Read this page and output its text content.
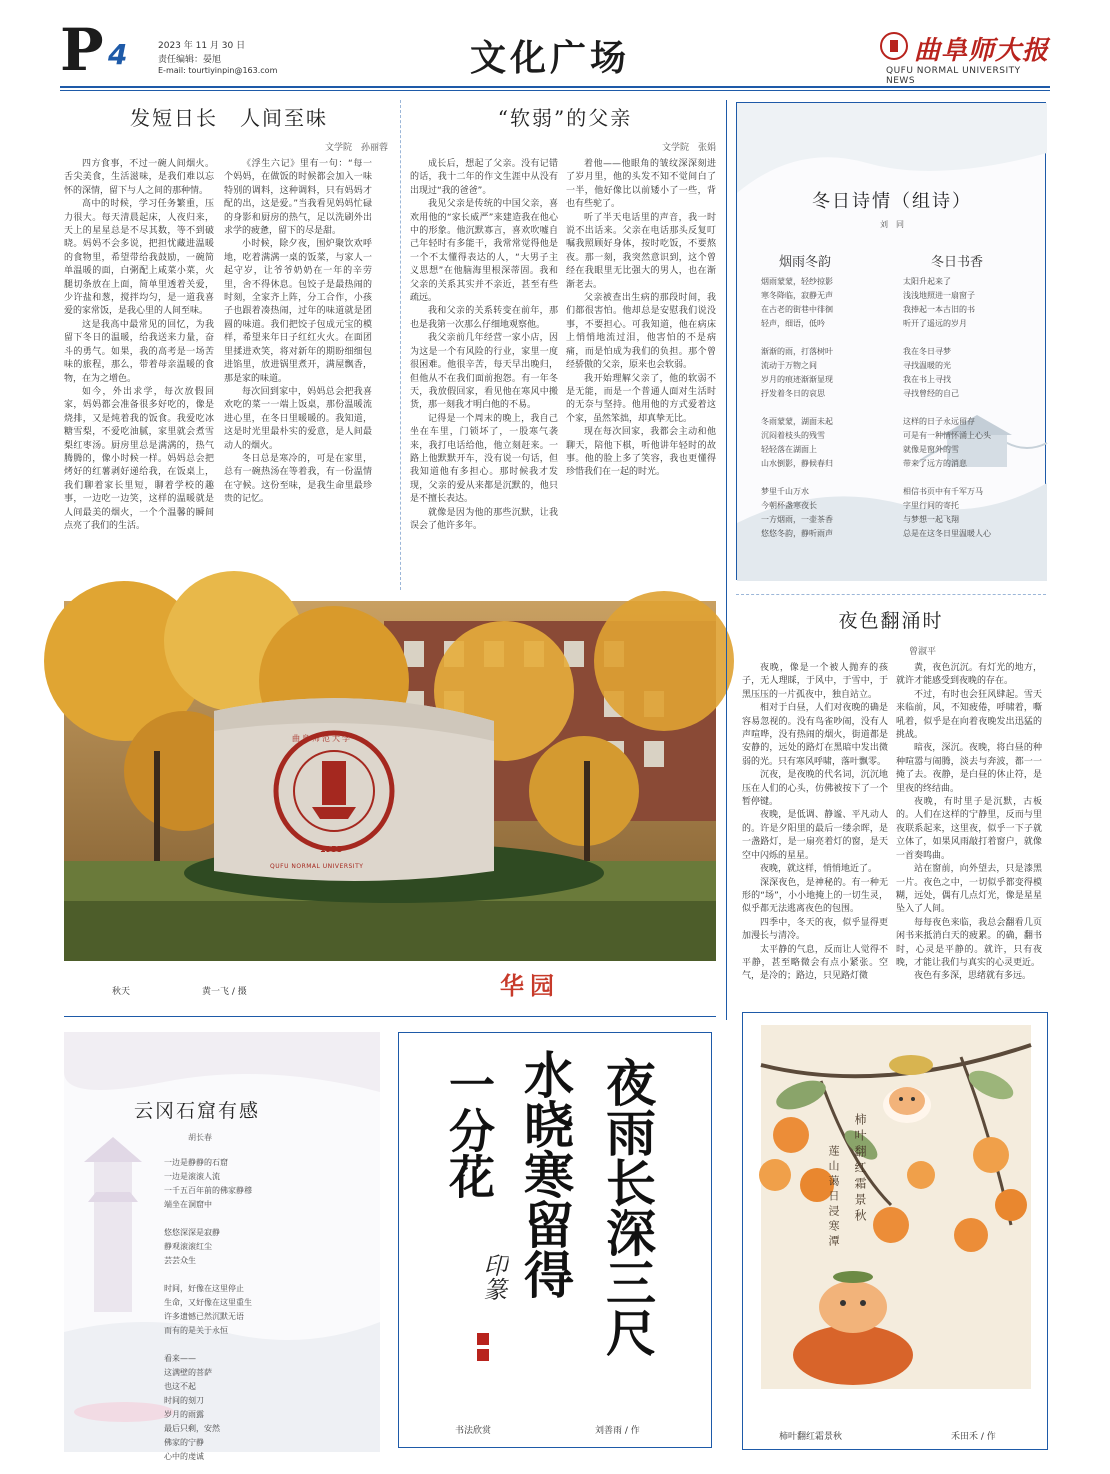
P 4	2023 年 11 月 30 日
责任编辑：晏旭
E-mail: tourtiyinpin@163.com	文化广场	曲阜师大报
QUFU NORMAL UNIVERSITY NEWS
发短日长　人间至味
文学院　孙丽蓉

四方食事，不过一碗人间烟火。舌尖美食，生活滋味，是我们难以忘怀的深情，留下与人之间的那种情。

高中的时候，学习任务繁重，压力很大。每天清晨起床，人夜归来，天上的星星总是不尽其数，等不到破晓。妈妈不会多说，把担忧藏进温暖的食物里，希望带给我鼓励，一碗简单温暖的面，白粥配上咸菜小菜，火腿切条放在上面，简单里透着关爱，少许盐和葱，搅拌均匀，是一道我喜爱的家常饭，是我心里的人间至味。

这是我高中最常见的回忆，为我留下冬日的温暖，给我送来力量，奋斗的勇气。如果，我的高考是一场苦味的旅程，那么，带着母亲温暖的食物，在为之增色。

如今，外出求学，每次放假回家，妈妈都会准备很多好吃的，像是烧排，又是炖着我的饭食。我爱吃冰糖雪梨，不爱吃油腻，家里就会煮雪梨红枣汤。厨房里总是满满的，热气腾腾的，像小时候一样。妈妈总会把烤好的红薯剥好递给我，在饭桌上，我们聊着家长里短，聊着学校的趣事，一边吃一边笑，这样的温暖就是人间最美的烟火，一个个温馨的瞬间点亮了我们的生活。

《浮生六记》里有一句：“每一个妈妈，在做饭的时候都会加入一味特别的调料，这种调料，只有妈妈才配的出，这是爱。”当我看见妈妈忙碌的身影和厨房的热气，足以洗刷外出求学的疲惫，留下的尽是甜。

小时候，除夕夜，围炉聚饮欢呼地，吃着满满一桌的饭菜，与家人一起守岁，让爷爷奶奶在一年的辛劳里，舍不得休息。包饺子是最热闹的时刻，全家齐上阵，分工合作，小孩子也跟着凑热闹，过年的味道就是团圆的味道。我们把饺子包成元宝的模样，希望来年日子红红火火。在面团里揉进欢笑，将对新年的期盼细细包进馅里，放进锅里煮开，满屋飘香，那是家的味道。

每次回到家中，妈妈总会把我喜欢吃的菜一一端上饭桌，那份温暖流进心里，在冬日里暖暖的。我知道，这是时光里最朴实的爱意，是人间最动人的烟火。

冬日总是寒冷的，可是在家里，总有一碗热汤在等着我，有一份温情在守候。这份至味，是我生命里最珍贵的记忆。

“软弱”的父亲
文学院　张娟

成长后，想起了父亲。没有记错的话，我十二年的作文生涯中从没有出现过“我的爸爸”。

我见父亲是传统的中国父亲，喜欢用他的“家长威严”来建造我在他心中的形象。他沉默寡言，喜欢吹嘘自己年轻时有多能干，我常常觉得他是一个不太懂得表达的人，“大男子主义思想”在他脑海里根深蒂固。我和父亲的关系其实并不亲近，甚至有些疏远。

我和父亲的关系转变在前年，那也是我第一次那么仔细地观察他。

我父亲前几年经营一家小店，因为这是一个有风险的行业，家里一度很困难。他很辛苦，每天早出晚归，但他从不在我们面前抱怨。有一年冬天，我放假回家，看见他在寒风中搬货，那一刻我才明白他的不易。

记得是一个周末的晚上，我自己坐在车里，门锁坏了，一股寒气袭来，我打电话给他，他立刻赶来。一路上他默默开车，没有说一句话，但我知道他有多担心。那时候我才发现，父亲的爱从来都是沉默的，他只是不擅长表达。

就像是因为他的那些沉默，让我误会了他许多年。

着他——他眼角的皱纹深深刻进了岁月里，他的头发不知不觉间白了一半，他好像比以前矮小了一些，背也有些驼了。

听了半天电话里的声音，我一时说不出话来。父亲在电话那头反复叮嘱我照顾好身体，按时吃饭，不要熬夜。那一刻，我突然意识到，这个曾经在我眼里无比强大的男人，也在渐渐老去。

父亲被查出生病的那段时间，我们都很害怕。他却总是安慰我们说没事，不要担心。可我知道，他在病床上悄悄地流过泪，他害怕的不是病痛，而是怕成为我们的负担。那个曾经骄傲的父亲，原来也会软弱。

我开始理解父亲了，他的软弱不是无能，而是一个普通人面对生活时的无奈与坚持。他用他的方式爱着这个家，虽然笨拙，却真挚无比。

现在每次回家，我都会主动和他聊天，陪他下棋，听他讲年轻时的故事。他的脸上多了笑容，我也更懂得珍惜我们在一起的时光。

冬日诗情（组诗）
刘　同
烟雨冬韵	冬日书香
烟雨蒙蒙，轻纱掠影
寒冬降临，寂静无声
在古老的街巷中徘徊
轻声，细语，低吟

渐渐的雨，打落树叶
流动于万物之间
岁月的痕迹渐渐显现
抒发着冬日的哀思

冬雨蒙蒙，湖面未起
沉闷着枝头的残雪
轻轻落在湖面上
山水倒影，静候春归

梦里千山万水
今朝杯盏寒夜长
一方烟雨，一壶茶香
悠悠冬韵，静听雨声
太阳升起来了
浅浅地照进一扇窗子
我捧起一本古旧的书
听开了遥远的岁月

我在冬日寻梦
寻找温暖的光
我在书上寻找
寻找曾经的自己

这样的日子永远留存
可是有一种情怀涌上心头
就像是窗外的雪
带来了远方的消息

相信书页中有千军万马
字里行间的寄托
与梦想一起飞翔
总是在这冬日里温暖人心
1955
曲阜师范大学
QUFU NORMAL UNIVERSITY
秋天	黄一飞 / 摄	华园
夜色翻涌时
曾淑平

夜晚，像是一个被人抛弃的孩子，无人理睬，于风中，于雪中，于黑压压的一片孤夜中，独自站立。

相对于白昼，人们对夜晚的确是容易忽视的。没有鸟雀吵闹，没有人声喧哗，没有热闹的烟火，街道都是安静的，远处的路灯在黑暗中发出微弱的光。只有寒风呼啸，落叶飘零。

沉夜，是夜晚的代名词，沉沉地压在人们的心头，仿佛被按下了一个暂停键。

夜晚，是低调、静谧、平凡动人的。许是夕阳里的最后一缕余晖，是一盏路灯，是一扇亮着灯的窗，是天空中闪烁的星星。

夜晚，就这样，悄悄地近了。

深深夜色，是神秘的。有一种无形的“场”，小小地掩上的一切生灵，似乎都无法逃离夜色的包围。

四季中，冬天的夜，似乎显得更加漫长与清冷。

太平静的气息，反而让人觉得不平静，甚至略微会有点小紧张。空气，是冷的；路边，只见路灯微

黄，夜色沉沉。有灯光的地方，就许才能感受到夜晚的存在。

不过，有时也会狂风肆起。雪天来临前，风，不知疲倦，呼啸着，嘶吼着，似乎是在向着夜晚发出迅猛的挑战。

暗夜，深沉。夜晚，将白昼的种种喧嚣与闹腾，淡去与奔波，都一一掩了去。夜静，是白昼的休止符，是里夜的终结曲。

夜晚，有时里子是沉默，古板的。人们在这样的宁静里，反而与里夜联系起来，这里夜，似乎一下子就立体了，如果风雨敲打着窗户，就像一首奏鸣曲。

站在窗前，向外望去，只是漆黑一片。夜色之中，一切似乎都变得模糊，远处，偶有几点灯光，像是星星坠入了人间。

每每夜色来临，我总会翻看几页闲书来抵消白天的疲累。的确，翻书时，心灵是平静的。就许，只有夜晚，才能让我们与真实的心灵更近。

夜色有多深，思绪就有多远。

云冈石窟有感
胡长春
一边是静静的石窟
一边是滚滚人流
一千五百年前的佛家静穆
端坐在洞窟中

悠悠深深是寂静
静观滚滚红尘
芸芸众生

时间，好像在这里停止
生命，又好像在这里重生
许多遗憾已然沉默无语
而有的是关于永恒

看来——
这满壁的菩萨
也这不起
时间的刻刀
岁月的雨露
最后只剩，安然
佛家的宁静
心中的虔诚
夜雨长深三尺
水晓寒留得
一分花
印篆
书法欣赏	刘善雨 / 作
柿叶翻红霜景秋
莲山蔼日浸寒潭
柿叶翻红霜景秋	禾田禾 / 作
